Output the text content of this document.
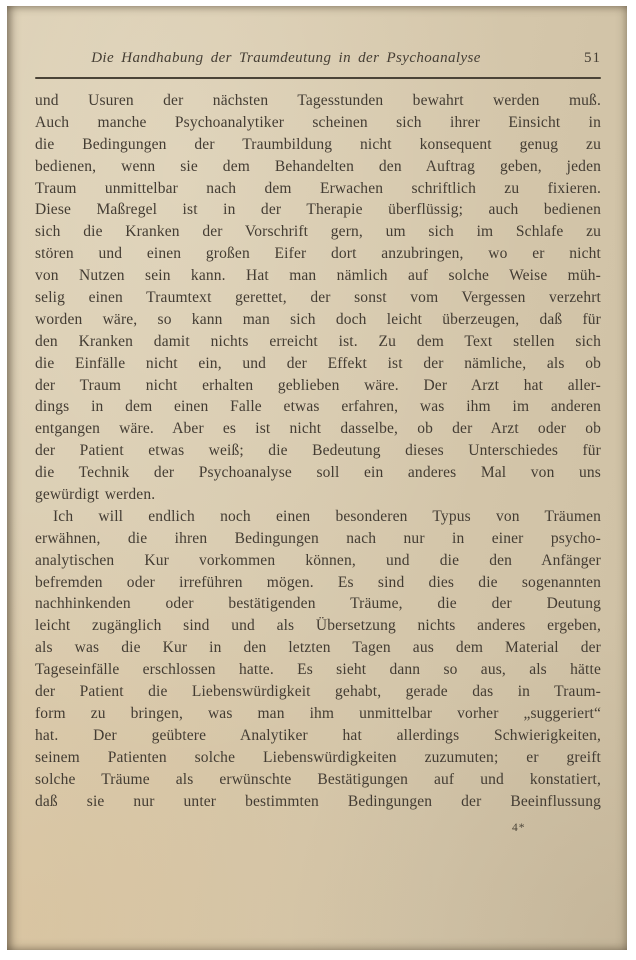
Die Handhabung der Traumdeutung in der Psychoanalyse	51
und Usuren der nächsten Tagesstunden bewahrt werden muß.
Auch manche Psychoanalytiker scheinen sich ihrer Einsicht in
die Bedingungen der Traumbildung nicht konsequent genug zu
bedienen, wenn sie dem Behandelten den Auftrag geben, jeden
Traum unmittelbar nach dem Erwachen schriftlich zu fixieren.
Diese Maßregel ist in der Therapie überflüssig; auch bedienen
sich die Kranken der Vorschrift gern, um sich im Schlafe zu
stören und einen großen Eifer dort anzubringen, wo er nicht
von Nutzen sein kann. Hat man nämlich auf solche Weise müh-
selig einen Traumtext gerettet, der sonst vom Vergessen verzehrt
worden wäre, so kann man sich doch leicht überzeugen, daß für
den Kranken damit nichts erreicht ist. Zu dem Text stellen sich
die Einfälle nicht ein, und der Effekt ist der nämliche, als ob
der Traum nicht erhalten geblieben wäre. Der Arzt hat aller-
dings in dem einen Falle etwas erfahren, was ihm im anderen
entgangen wäre. Aber es ist nicht dasselbe, ob der Arzt oder ob
der Patient etwas weiß; die Bedeutung dieses Unterschiedes für
die Technik der Psychoanalyse soll ein anderes Mal von uns
gewürdigt werden.
Ich will endlich noch einen besonderen Typus von Träumen
erwähnen, die ihren Bedingungen nach nur in einer psycho-
analytischen Kur vorkommen können, und die den Anfänger
befremden oder irreführen mögen. Es sind dies die sogenannten
nachhinkenden oder bestätigenden Träume, die der Deutung
leicht zugänglich sind und als Übersetzung nichts anderes ergeben,
als was die Kur in den letzten Tagen aus dem Material der
Tageseinfälle erschlossen hatte. Es sieht dann so aus, als hätte
der Patient die Liebenswürdigkeit gehabt, gerade das in Traum-
form zu bringen, was man ihm unmittelbar vorher „suggeriert“
hat. Der geübtere Analytiker hat allerdings Schwierigkeiten,
seinem Patienten solche Liebenswürdigkeiten zuzumuten; er greift
solche Träume als erwünschte Bestätigungen auf und konstatiert,
daß sie nur unter bestimmten Bedingungen der Beeinflussung
4*
